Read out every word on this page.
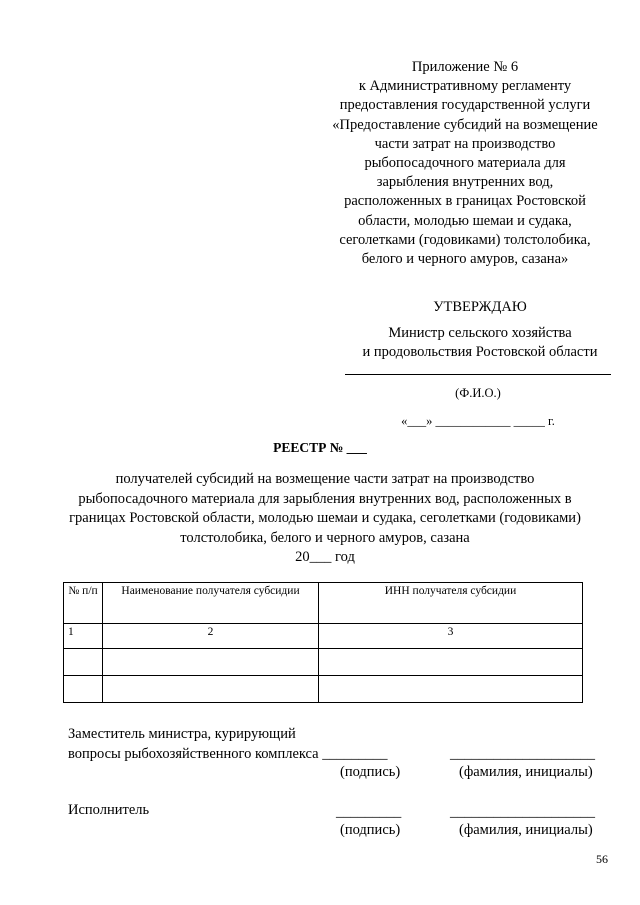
Приложение № 6
к Административному регламенту
предоставления государственной услуги
«Предоставление субсидий на возмещение
части затрат на производство
рыбопосадочного материала для
зарыбления внутренних вод,
расположенных в границах Ростовской
области, молодью шемаи и судака,
сеголетками (годовиками) толстолобика,
белого и черного амуров, сазана»
УТВЕРЖДАЮ
Министр сельского хозяйства
и продовольствия Ростовской области
(Ф.И.О.)
«___» ____________ _____ г.
РЕЕСТР № ___
получателей субсидий на возмещение части затрат на производство
рыбопосадочного материала для зарыбления внутренних вод, расположенных в
границах Ростовской области, молодью шемаи и судака, сеголетками (годовиками)
толстолобика, белого и черного амуров, сазана
20___ год
№ п/п	Наименование получателя субсидии	ИНН получателя субсидии
1	2	3

Заместитель министра, курирующий
вопросы рыбохозяйственного комплекса _________	____________________
(подпись)	(фамилия, инициалы)
Исполнитель	_________	____________________
(подпись)	(фамилия, инициалы)
56
